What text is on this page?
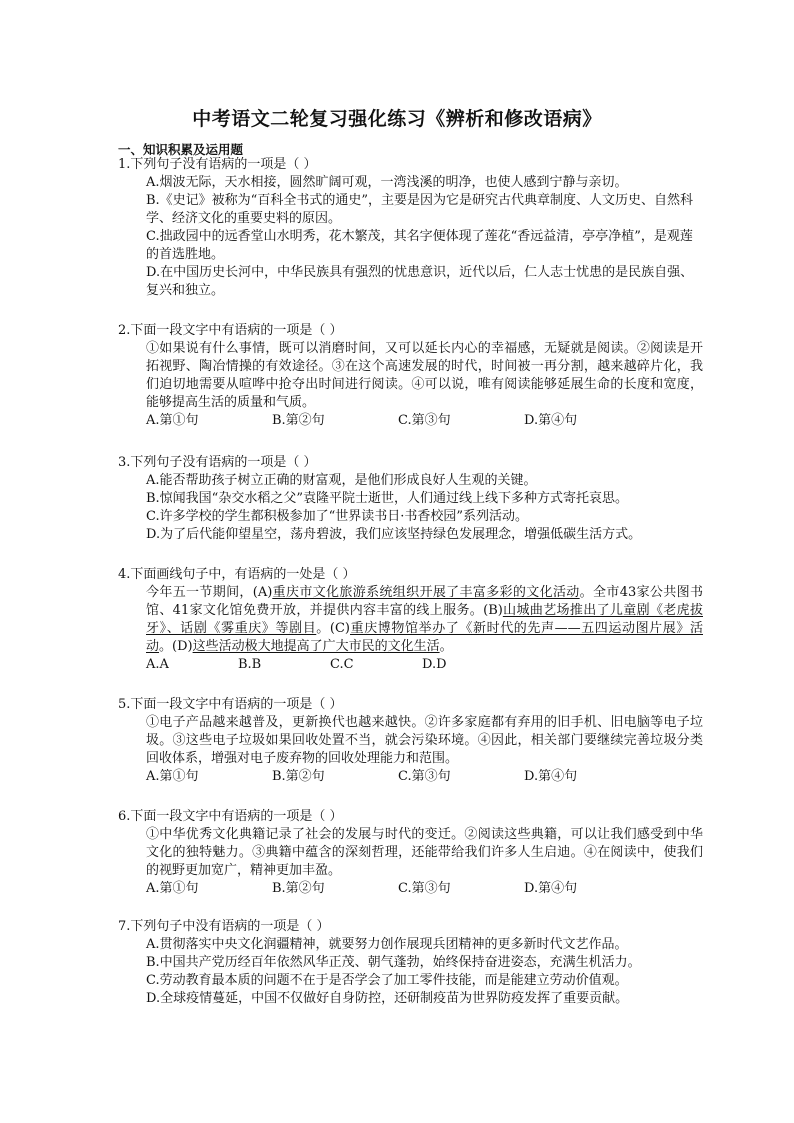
中考语文二轮复习强化练习《辨析和修改语病》
一、知识积累及运用题
1.下列句子没有语病的一项是（ ）
A.烟波无际，天水相接，圆然旷阔可观，一湾浅溪的明净，也使人感到宁静与亲切。
B.《史记》被称为“百科全书式的通史”，主要是因为它是研究古代典章制度、人文历史、自然科学、经济文化的重要史料的原因。
C.拙政园中的远香堂山水明秀，花木繁茂，其名字便体现了莲花“香远益清，亭亭净植”，是观莲的首选胜地。
D.在中国历史长河中，中华民族具有强烈的忧患意识，近代以后，仁人志士忧患的是民族自强、复兴和独立。
2.下面一段文字中有语病的一项是（ ）
①如果说有什么事情，既可以消磨时间，又可以延长内心的幸福感，无疑就是阅读。②阅读是开拓视野、陶冶情操的有效途径。③在这个高速发展的时代，时间被一再分割，越来越碎片化，我们迫切地需要从喧哗中抢夺出时间进行阅读。④可以说，唯有阅读能够延展生命的长度和宽度，能够提高生活的质量和气质。
A.第①句	B.第②句	C.第③句	D.第④句
3.下列句子没有语病的一项是（ ）
A.能否帮助孩子树立正确的财富观，是他们形成良好人生观的关键。
B.惊闻我国“杂交水稻之父”袁隆平院士逝世，人们通过线上线下多种方式寄托哀思。
C.许多学校的学生都积极参加了“世界读书日·书香校园”系列活动。
D.为了后代能仰望星空，荡舟碧波，我们应该坚持绿色发展理念，增强低碳生活方式。
4.下面画线句子中，有语病的一处是（ ）
今年五一节期间，(A)重庆市文化旅游系统组织开展了丰富多彩的文化活动。全市43家公共图书馆、41家文化馆免费开放，并提供内容丰富的线上服务。(B)山城曲艺场推出了儿童剧《老虎拔牙》、话剧《雾重庆》等剧目。(C)重庆博物馆举办了《新时代的先声——五四运动图片展》活动。(D)这些活动极大地提高了广大市民的文化生活。
A.A	B.B	C.C	D.D
5.下面一段文字中有语病的一项是（ ）
①电子产品越来越普及，更新换代也越来越快。②许多家庭都有弃用的旧手机、旧电脑等电子垃圾。③这些电子垃圾如果回收处置不当，就会污染环境。④因此，相关部门要继续完善垃圾分类回收体系，增强对电子废弃物的回收处理能力和范围。
A.第①句	B.第②句	C.第③句	D.第④句
6.下面一段文字中有语病的一项是（ ）
①中华优秀文化典籍记录了社会的发展与时代的变迁。②阅读这些典籍，可以让我们感受到中华文化的独特魅力。③典籍中蕴含的深刻哲理，还能带给我们许多人生启迪。④在阅读中，使我们的视野更加宽广，精神更加丰盈。
A.第①句	B.第②句	C.第③句	D.第④句
7.下列句子中没有语病的一项是（ ）
A.贯彻落实中央文化润疆精神，就要努力创作展现兵团精神的更多新时代文艺作品。
B.中国共产党历经百年依然风华正茂、朝气蓬勃，始终保持奋进姿态，充满生机活力。
C.劳动教育最本质的问题不在于是否学会了加工零件技能，而是能建立劳动价值观。
D.全球疫情蔓延，中国不仅做好自身防控，还研制疫苗为世界防疫发挥了重要贡献。
